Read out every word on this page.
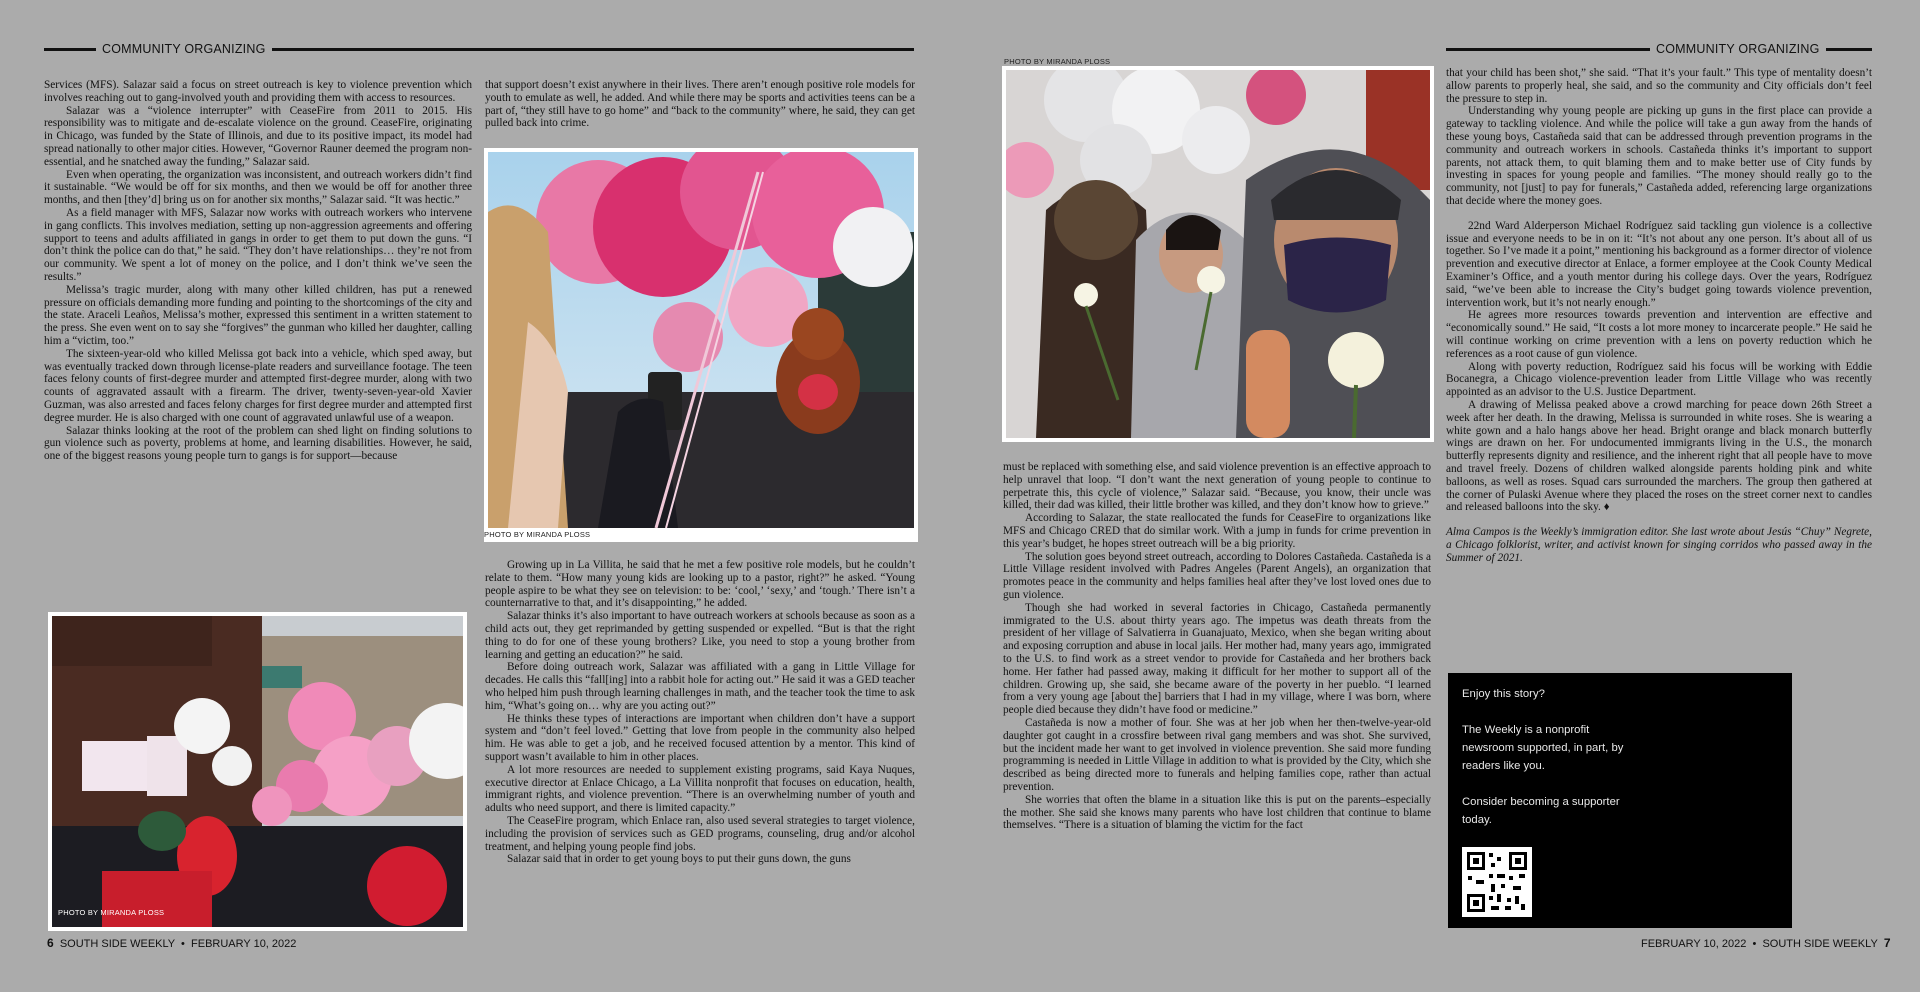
COMMUNITY ORGANIZING

Services (MFS). Salazar said a focus on street outreach is key to violence prevention which involves reaching out to gang-involved youth and providing them with access to resources.

Salazar was a “violence interrupter” with CeaseFire from 2011 to 2015. His responsibility was to mitigate and de-escalate violence on the ground. CeaseFire, originating in Chicago, was funded by the State of Illinois, and due to its positive impact, its model had spread nationally to other major cities. However, “Governor Rauner deemed the program non-essential, and he snatched away the funding,” Salazar said.

Even when operating, the organization was inconsistent, and outreach workers didn’t find it sustainable. “We would be off for six months, and then we would be off for another three months, and then [they’d] bring us on for another six months,” Salazar said. “It was hectic.”

As a field manager with MFS, Salazar now works with outreach workers who intervene in gang conflicts. This involves mediation, setting up non-aggression agreements and offering support to teens and adults affiliated in gangs in order to get them to put down the guns. “I don’t think the police can do that,” he said. “They don’t have relationships… they’re not from our community. We spent a lot of money on the police, and I don’t think we’ve seen the results.”

Melissa’s tragic murder, along with many other killed children, has put a renewed pressure on officials demanding more funding and pointing to the shortcomings of the city and the state. Araceli Leaños, Melissa’s mother, expressed this sentiment in a written statement to the press. She even went on to say she “forgives” the gunman who killed her daughter, calling him a “victim, too.”

The sixteen-year-old who killed Melissa got back into a vehicle, which sped away, but was eventually tracked down through license-plate readers and surveillance footage. The teen faces felony counts of first-degree murder and attempted first-degree murder, along with two counts of aggravated assault with a firearm. The driver, twenty-seven-year-old Xavier Guzman, was also arrested and faces felony charges for first degree murder and attempted first degree murder. He is also charged with one count of aggravated unlawful use of a weapon.

Salazar thinks looking at the root of the problem can shed light on finding solutions to gun violence such as poverty, problems at home, and learning disabilities. However, he said, one of the biggest reasons young people turn to gangs is for support—because

that support doesn’t exist anywhere in their lives. There aren’t enough positive role models for youth to emulate as well, he added. And while there may be sports and activities teens can be a part of, “they still have to go home” and “back to the community” where, he said, they can get pulled back into crime.

PHOTO BY MIRANDA PLOSS
PHOTO BY MIRANDA PLOSS

Growing up in La Villita, he said that he met a few positive role models, but he couldn’t relate to them. “How many young kids are looking up to a pastor, right?” he asked. “Young people aspire to be what they see on television: to be: ‘cool,’ ‘sexy,’ and ‘tough.’ There isn’t a counternarrative to that, and it’s disappointing,” he added.

Salazar thinks it’s also important to have outreach workers at schools because as soon as a child acts out, they get reprimanded by getting suspended or expelled. “But is that the right thing to do for one of these young brothers? Like, you need to stop a young brother from learning and getting an education?” he said.

Before doing outreach work, Salazar was affiliated with a gang in Little Village for decades. He calls this “fall[ing] into a rabbit hole for acting out.” He said it was a GED teacher who helped him push through learning challenges in math, and the teacher took the time to ask him, “What’s going on… why are you acting out?”

He thinks these types of interactions are important when children don’t have a support system and “don’t feel loved.” Getting that love from people in the community also helped him. He was able to get a job, and he received focused attention by a mentor. This kind of support wasn’t available to him in other places.

A lot more resources are needed to supplement existing programs, said Kaya Nuques, executive director at Enlace Chicago, a La Villita nonprofit that focuses on education, health, immigrant rights, and violence prevention. “There is an overwhelming number of youth and adults who need support, and there is limited capacity.”

The CeaseFire program, which Enlace ran, also used several strategies to target violence, including the provision of services such as GED programs, counseling, drug and/or alcohol treatment, and helping young people find jobs.

Salazar said that in order to get young boys to put their guns down, the guns

6 SOUTH SIDE WEEKLY  •  FEBRUARY 10, 2022
COMMUNITY ORGANIZING
PHOTO BY MIRANDA PLOSS

must be replaced with something else, and said violence prevention is an effective approach to help unravel that loop. “I don’t want the next generation of young people to continue to perpetrate this, this cycle of violence,” Salazar said. “Because, you know, their uncle was killed, their dad was killed, their little brother was killed, and they don’t know how to grieve.”

According to Salazar, the state reallocated the funds for CeaseFire to organizations like MFS and Chicago CRED that do similar work. With a jump in funds for crime prevention in this year’s budget, he hopes street outreach will be a big priority.

The solution goes beyond street outreach, according to Dolores Castañeda. Castañeda is a Little Village resident involved with Padres Angeles (Parent Angels), an organization that promotes peace in the community and helps families heal after they’ve lost loved ones due to gun violence.

Though she had worked in several factories in Chicago, Castañeda permanently immigrated to the U.S. about thirty years ago. The impetus was death threats from the president of her village of Salvatierra in Guanajuato, Mexico, when she began writing about and exposing corruption and abuse in local jails. Her mother had, many years ago, immigrated to the U.S. to find work as a street vendor to provide for Castañeda and her brothers back home. Her father had passed away, making it difficult for her mother to support all of the children. Growing up, she said, she became aware of the poverty in her pueblo. “I learned from a very young age [about the] barriers that I had in my village, where I was born, where people died because they didn’t have food or medicine.”

Castañeda is now a mother of four. She was at her job when her then-twelve-year-old daughter got caught in a crossfire between rival gang members and was shot. She survived, but the incident made her want to get involved in violence prevention. She said more funding programming is needed in Little Village in addition to what is provided by the City, which she described as being directed more to funerals and helping families cope, rather than actual prevention.

She worries that often the blame in a situation like this is put on the parents–especially the mother. She said she knows many parents who have lost children that continue to blame themselves. “There is a situation of blaming the victim for the fact

that your child has been shot,” she said. “That it’s your fault.” This type of mentality doesn’t allow parents to properly heal, she said, and so the community and City officials don’t feel the pressure to step in.

Understanding why young people are picking up guns in the first place can provide a gateway to tackling violence. And while the police will take a gun away from the hands of these young boys, Castañeda said that can be addressed through prevention programs in the community and outreach workers in schools. Castañeda thinks it’s important to support parents, not attack them, to quit blaming them and to make better use of City funds by investing in spaces for young people and families. “The money should really go to the community, not [just] to pay for funerals,” Castañeda added, referencing large organizations that decide where the money goes.

22nd Ward Alderperson Michael Rodríguez said tackling gun violence is a collective issue and everyone needs to be in on it: “It’s not about any one person. It’s about all of us together. So I’ve made it a point,” mentioning his background as a former director of violence prevention and executive director at Enlace, a former employee at the Cook County Medical Examiner’s Office, and a youth mentor during his college days. Over the years, Rodríguez said, “we’ve been able to increase the City’s budget going towards violence prevention, intervention work, but it’s not nearly enough.”

He agrees more resources towards prevention and intervention are effective and “economically sound.” He said, “It costs a lot more money to incarcerate people.” He said he will continue working on crime prevention with a lens on poverty reduction which he references as a root cause of gun violence.

Along with poverty reduction, Rodríguez said his focus will be working with Eddie Bocanegra, a Chicago violence-prevention leader from Little Village who was recently appointed as an advisor to the U.S. Justice Department.

A drawing of Melissa peaked above a crowd marching for peace down 26th Street a week after her death. In the drawing, Melissa is surrounded in white roses. She is wearing a white gown and a halo hangs above her head. Bright orange and black monarch butterfly wings are drawn on her. For undocumented immigrants living in the U.S., the monarch butterfly represents dignity and resilience, and the inherent right that all people have to move and travel freely. Dozens of children walked alongside parents holding pink and white balloons, as well as roses. Squad cars surrounded the marchers. The group then gathered at the corner of Pulaski Avenue where they placed the roses on the street corner next to candles and released balloons into the sky. ♦

Alma Campos is the Weekly’s immigration editor. She last wrote about Jesús “Chuy” Negrete, a Chicago folklorist, writer, and activist known for singing corridos who passed away in the Summer of 2021.

Enjoy this story?

The Weekly is a nonprofit newsroom supported, in part, by readers like you.

Consider becoming a supporter today.

FEBRUARY 10, 2022  •  SOUTH SIDE WEEKLY 7
